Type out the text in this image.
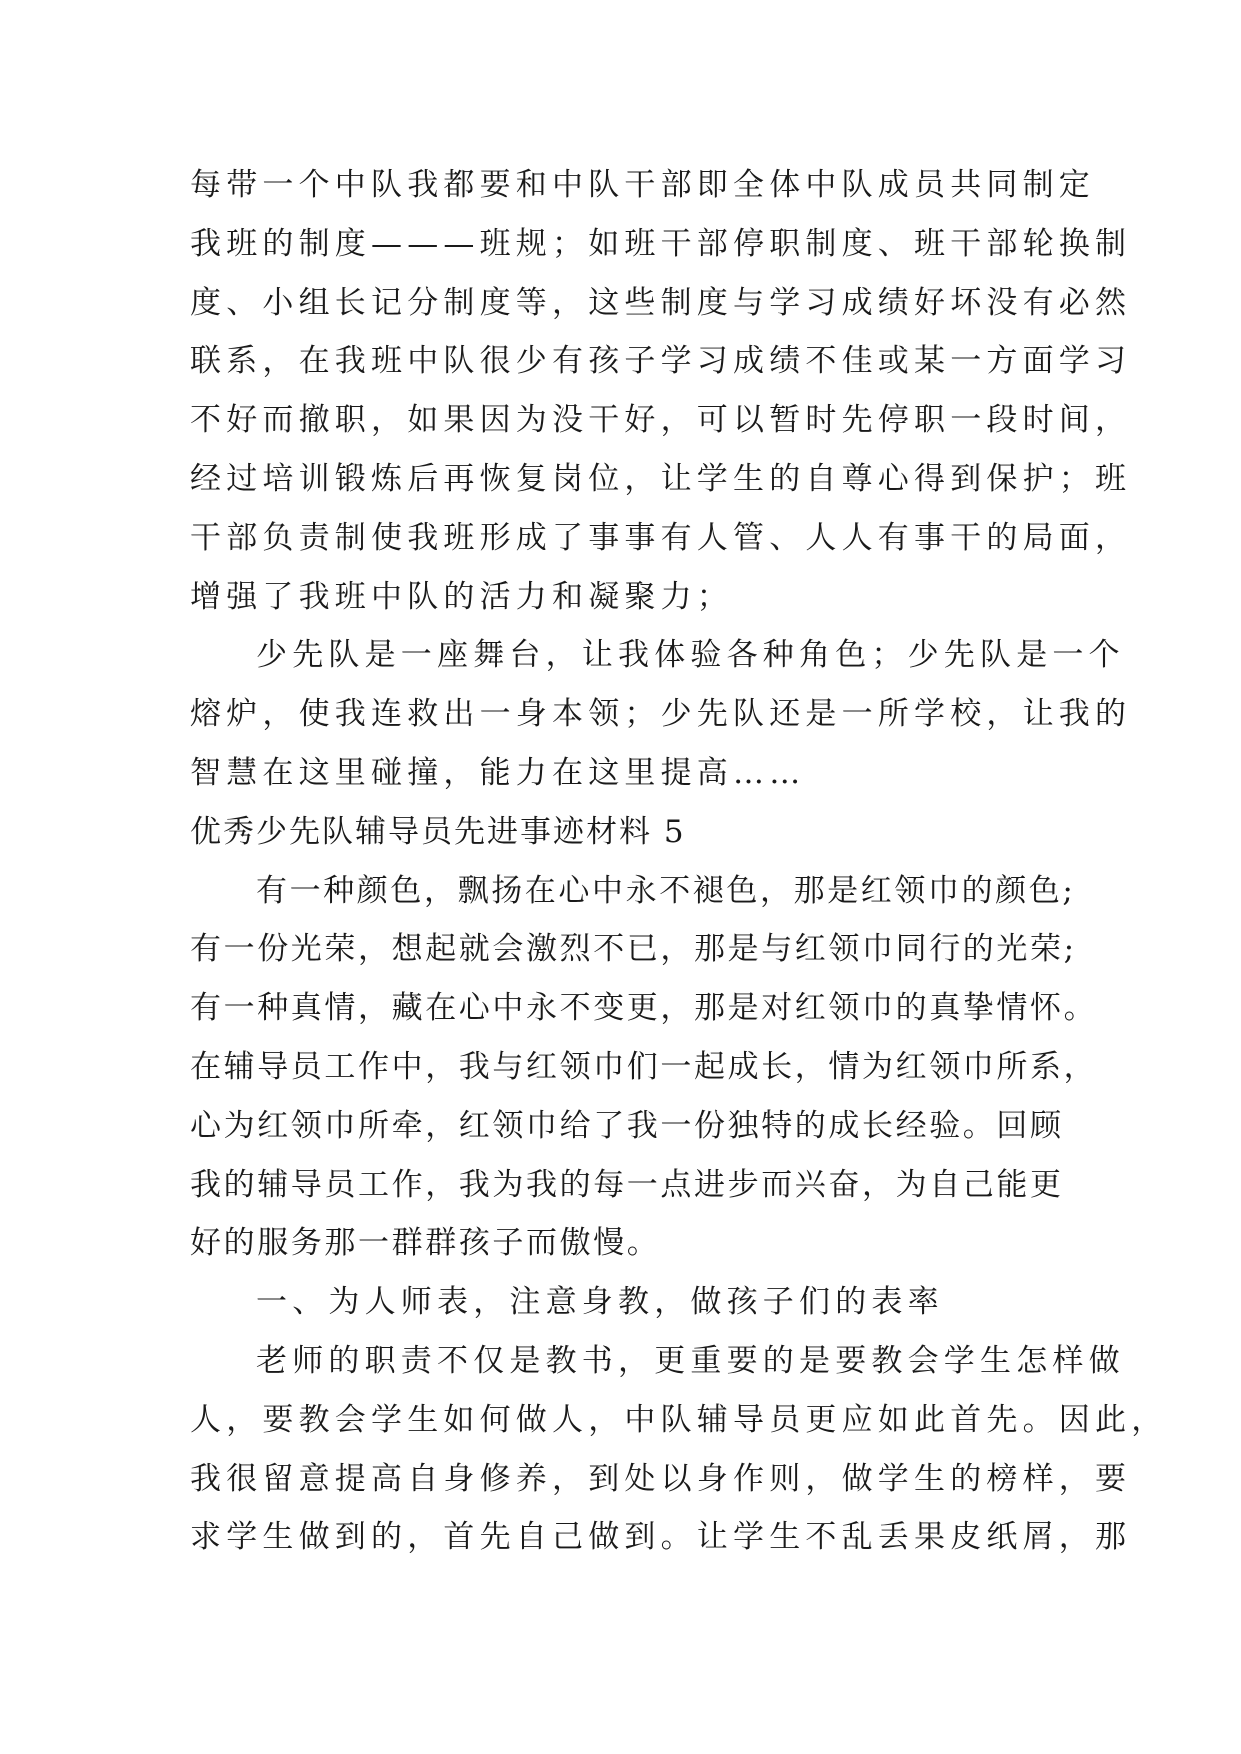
每带一个中队我都要和中队干部即全体中队成员共同制定

我班的制度———班规；如班干部停职制度、班干部轮换制

度、小组长记分制度等，这些制度与学习成绩好坏没有必然

联系，在我班中队很少有孩子学习成绩不佳或某一方面学习

不好而撤职，如果因为没干好，可以暂时先停职一段时间，

经过培训锻炼后再恢复岗位，让学生的自尊心得到保护；班

干部负责制使我班形成了事事有人管、人人有事干的局面，

增强了我班中队的活力和凝聚力；

少先队是一座舞台，让我体验各种角色；少先队是一个

熔炉，使我连救出一身本领；少先队还是一所学校，让我的

智慧在这里碰撞，能力在这里提高……

优秀少先队辅导员先进事迹材料 5

有一种颜色，飘扬在心中永不褪色，那是红领巾的颜色;

有一份光荣，想起就会激烈不已，那是与红领巾同行的光荣;

有一种真情，藏在心中永不变更，那是对红领巾的真挚情怀。

在辅导员工作中，我与红领巾们一起成长，情为红领巾所系，

心为红领巾所牵，红领巾给了我一份独特的成长经验。回顾

我的辅导员工作，我为我的每一点进步而兴奋，为自己能更

好的服务那一群群孩子而傲慢。

一、为人师表，注意身教，做孩子们的表率

老师的职责不仅是教书，更重要的是要教会学生怎样做

人，要教会学生如何做人，中队辅导员更应如此首先。因此，

我很留意提高自身修养，到处以身作则，做学生的榜样，要

求学生做到的，首先自己做到。让学生不乱丢果皮纸屑，那
